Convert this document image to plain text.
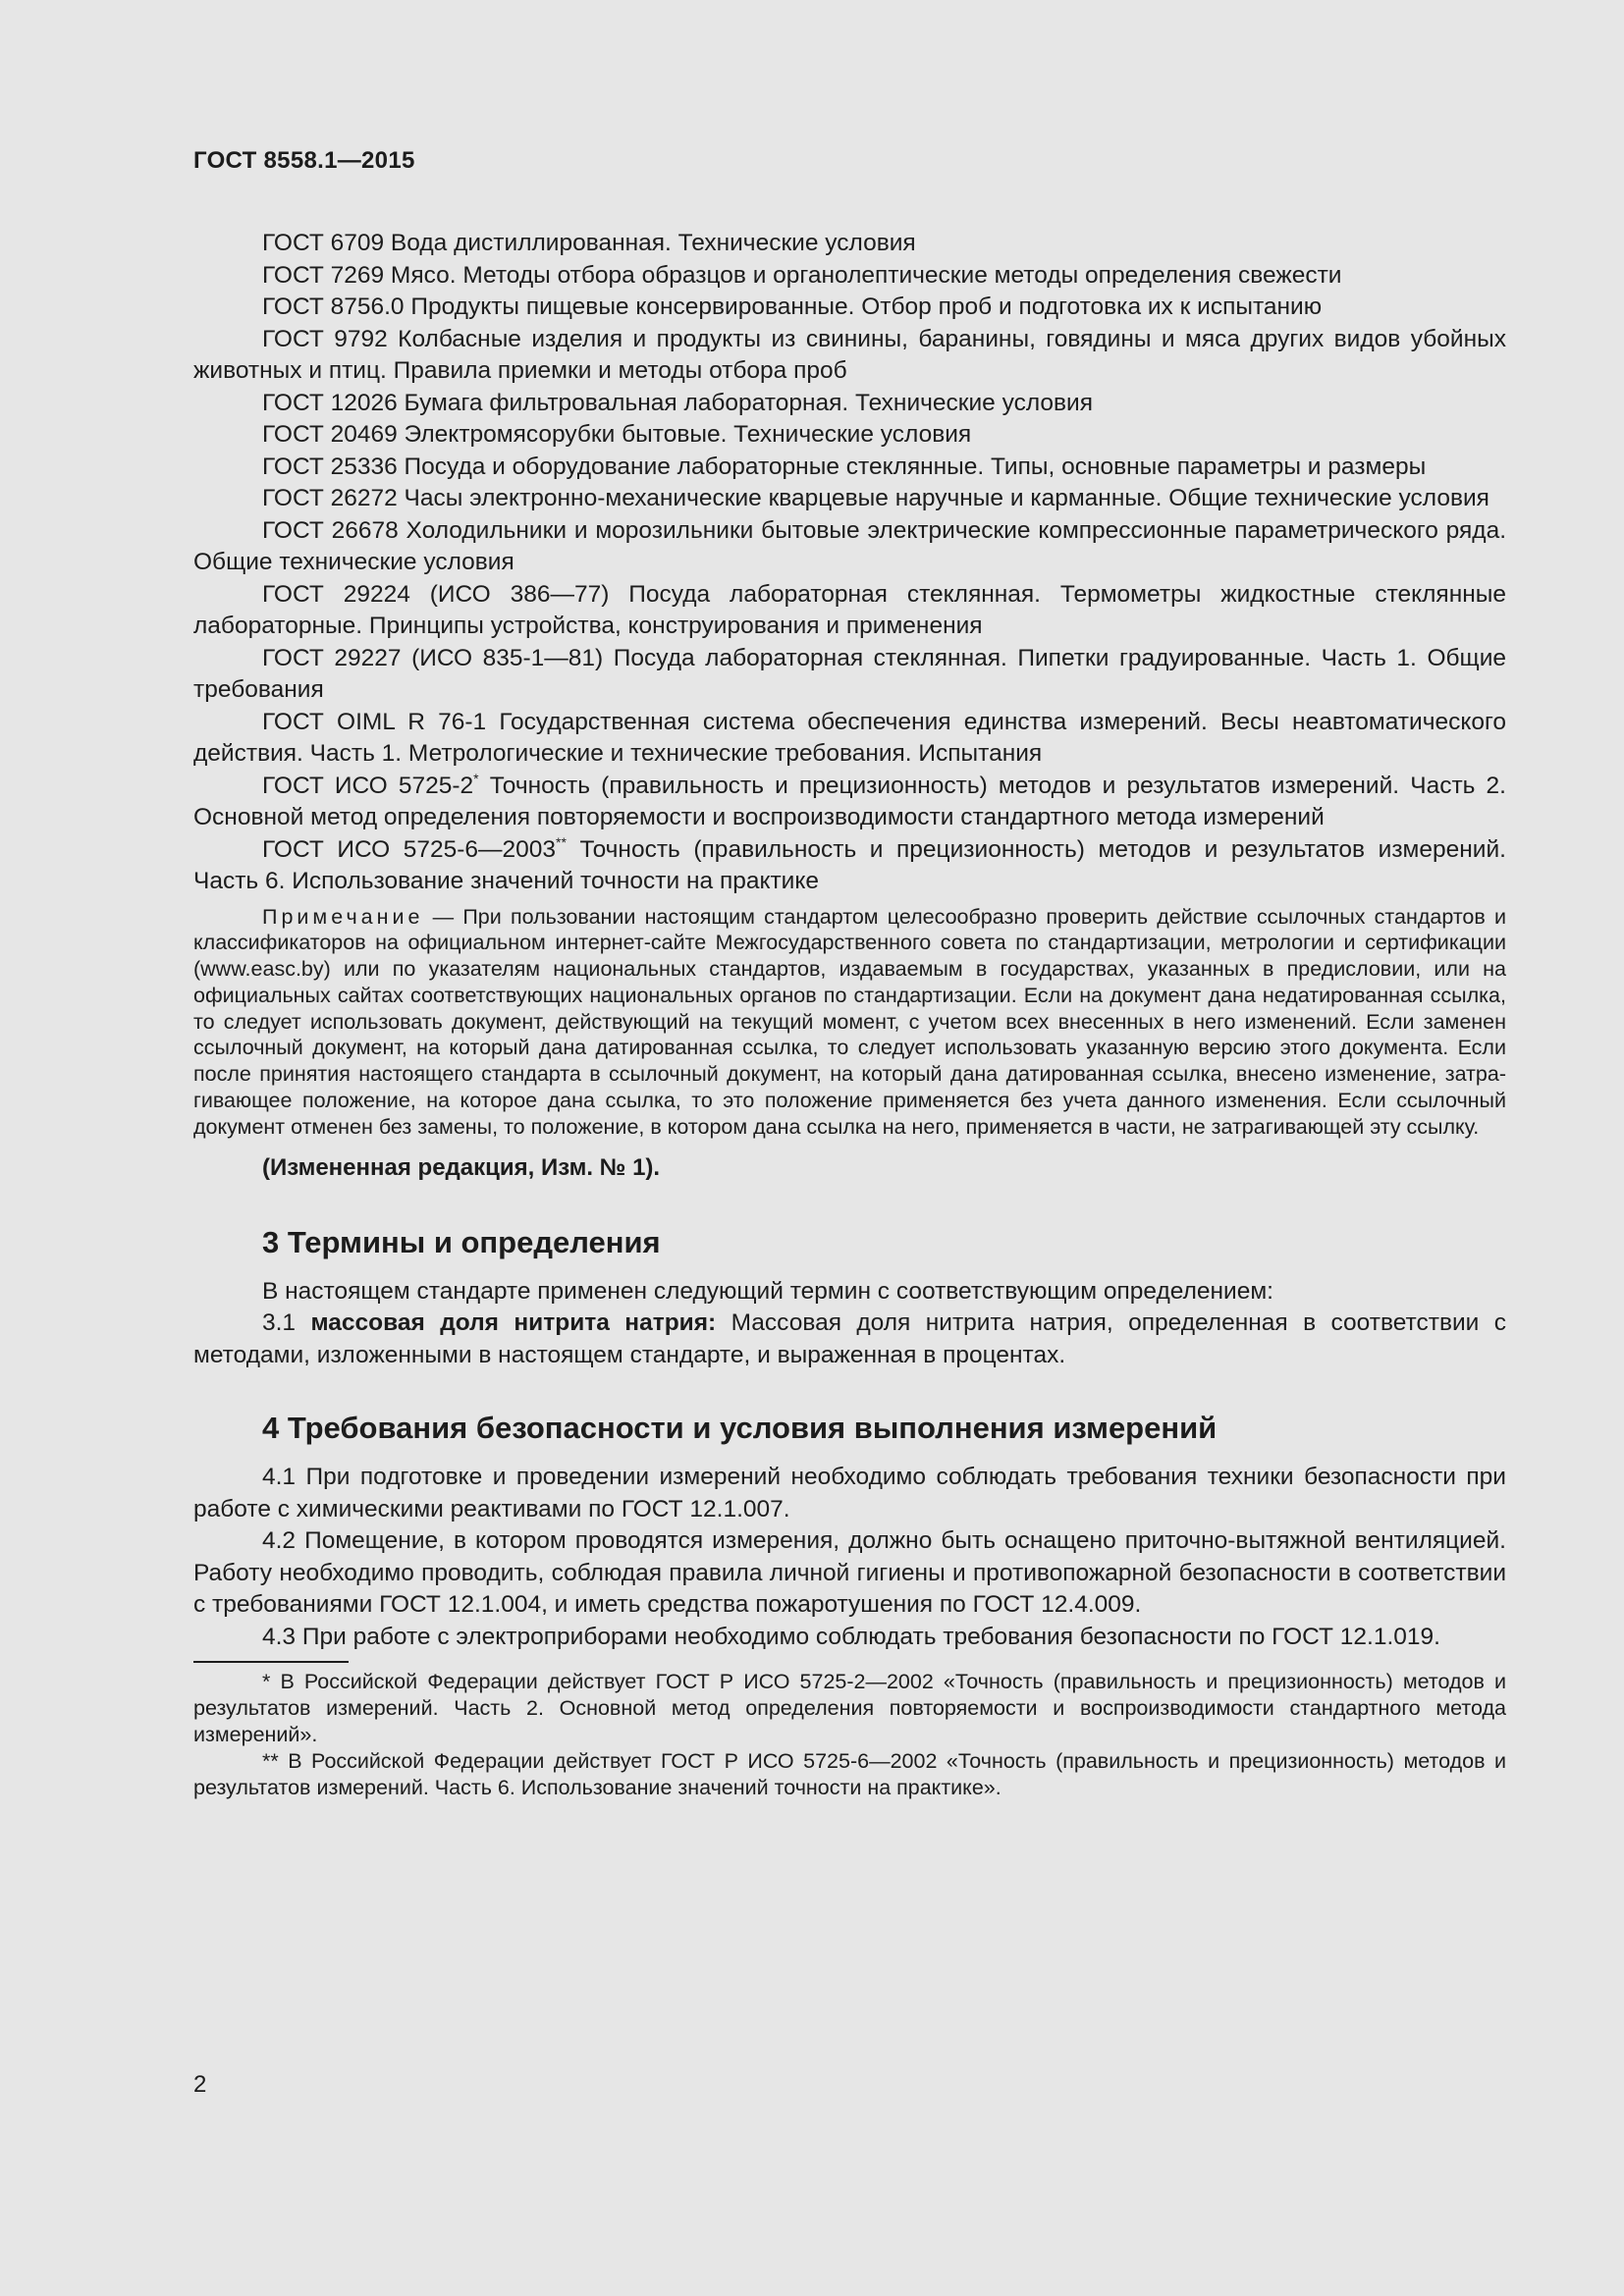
ГОСТ 8558.1—2015

ГОСТ 6709 Вода дистиллированная. Технические условия

ГОСТ 7269 Мясо. Методы отбора образцов и органолептические методы определения свежести

ГОСТ 8756.0 Продукты пищевые консервированные. Отбор проб и подготовка их к испытанию

ГОСТ 9792 Колбасные изделия и продукты из свинины, баранины, говядины и мяса других видов убойных животных и птиц. Правила приемки и методы отбора проб

ГОСТ 12026 Бумага фильтровальная лабораторная. Технические условия

ГОСТ 20469 Электромясорубки бытовые. Технические условия

ГОСТ 25336 Посуда и оборудование лабораторные стеклянные. Типы, основные параметры и размеры

ГОСТ 26272 Часы электронно-механические кварцевые наручные и карманные. Общие технические условия

ГОСТ 26678 Холодильники и морозильники бытовые электрические компрессионные параметрического ряда. Общие технические условия

ГОСТ 29224 (ИСО 386—77) Посуда лабораторная стеклянная. Термометры жидкостные стеклянные лабораторные. Принципы устройства, конструирования и применения

ГОСТ 29227 (ИСО 835-1—81) Посуда лабораторная стеклянная. Пипетки градуированные. Часть 1. Общие требования

ГОСТ OIML R 76-1 Государственная система обеспечения единства измерений. Весы неавтоматического действия. Часть 1. Метрологические и технические требования. Испытания

ГОСТ ИСО 5725-2* Точность (правильность и прецизионность) методов и результатов измерений. Часть 2. Основной метод определения повторяемости и воспроизводимости стандартного метода измерений

ГОСТ ИСО 5725-6—2003** Точность (правильность и прецизионность) методов и результатов измерений. Часть 6. Использование значений точности на практике

Примечание — При пользовании настоящим стандартом целесообразно проверить действие ссылочных стандартов и классификаторов на официальном интернет-сайте Межгосударственного совета по стандартизации, метрологии и сертификации (www.easc.by) или по указателям национальных стандартов, издаваемым в государствах, указанных в предисловии, или на официальных сайтах соответствующих национальных органов по стандартизации. Если на документ дана недатированная ссылка, то следует использовать документ, действующий на текущий момент, с учетом всех внесенных в него изменений. Если заменен ссылочный документ, на который дана датированная ссылка, то следует использовать указанную версию этого документа. Если после принятия настоящего стандарта в ссылочный документ, на который дана датированная ссылка, внесено изменение, затрагивающее положение, на которое дана ссылка, то это положение применяется без учета данного изменения. Если ссылочный документ отменен без замены, то положение, в котором дана ссылка на него, применяется в части, не затрагивающей эту ссылку.

(Измененная редакция, Изм. № 1).

3 Термины и определения

В настоящем стандарте применен следующий термин с соответствующим определением:

3.1 массовая доля нитрита натрия: Массовая доля нитрита натрия, определенная в соответствии с методами, изложенными в настоящем стандарте, и выраженная в процентах.

4 Требования безопасности и условия выполнения измерений

4.1 При подготовке и проведении измерений необходимо соблюдать требования техники безопасности при работе с химическими реактивами по ГОСТ 12.1.007.

4.2 Помещение, в котором проводятся измерения, должно быть оснащено приточно-вытяжной вентиляцией. Работу необходимо проводить, соблюдая правила личной гигиены и противопожарной безопасности в соответствии с требованиями ГОСТ 12.1.004, и иметь средства пожаротушения по ГОСТ 12.4.009.

4.3 При работе с электроприборами необходимо соблюдать требования безопасности по ГОСТ 12.1.019.

* В Российской Федерации действует ГОСТ Р ИСО 5725-2—2002 «Точность (правильность и прецизионность) методов и результатов измерений. Часть 2. Основной метод определения повторяемости и воспроизводимости стандартного метода измерений».

** В Российской Федерации действует ГОСТ Р ИСО 5725-6—2002 «Точность (правильность и прецизионность) методов и результатов измерений. Часть 6. Использование значений точности на практике».

2
